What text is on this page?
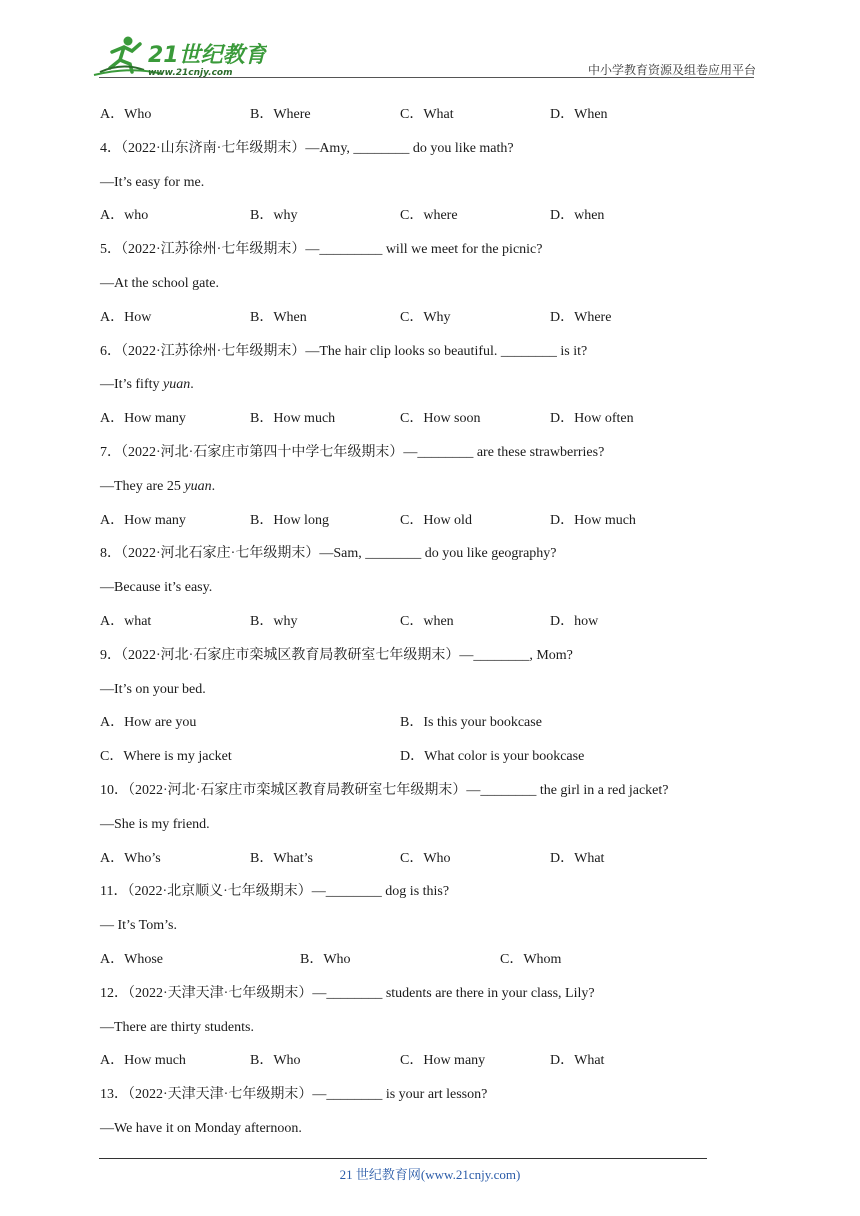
21世纪教育
www.21cnjy.com	中小学教育资源及组卷应用平台
A．Who	B．Where	C．What	D．When
4．（2022·山东济南·七年级期末）—Amy, ________ do you like math?
—It’s easy for me.
A．who	B．why	C．where	D．when
5．（2022·江苏徐州·七年级期末）—_________ will we meet for the picnic?
—At the school gate.
A．How	B．When	C．Why	D．Where
6．（2022·江苏徐州·七年级期末）—The hair clip looks so beautiful. ________ is it?
—It’s fifty yuan.
A．How many	B．How much	C．How soon	D．How often
7．（2022·河北·石家庄市第四十中学七年级期末）—________ are these strawberries?
—They are 25 yuan.
A．How many	B．How long	C．How old	D．How much
8．（2022·河北石家庄·七年级期末）—Sam, ________ do you like geography?
—Because it’s easy.
A．what	B．why	C．when	D．how
9．（2022·河北·石家庄市栾城区教育局教研室七年级期末）—________, Mom?
—It’s on your bed.
A．How are you	B．Is this your bookcase
C．Where is my jacket	D．What color is your bookcase
10．（2022·河北·石家庄市栾城区教育局教研室七年级期末）—________ the girl in a red jacket?
—She is my friend.
A．Who’s	B．What’s	C．Who	D．What
11．（2022·北京顺义·七年级期末）—________ dog is this?
— It’s Tom’s.
A．Whose	B．Who	C．Whom
12．（2022·天津天津·七年级期末）—________ students are there in your class, Lily?
—There are thirty students.
A．How much	B．Who	C．How many	D．What
13．（2022·天津天津·七年级期末）—________ is your art lesson?
—We have it on Monday afternoon.
21 世纪教育网(www.21cnjy.com)
